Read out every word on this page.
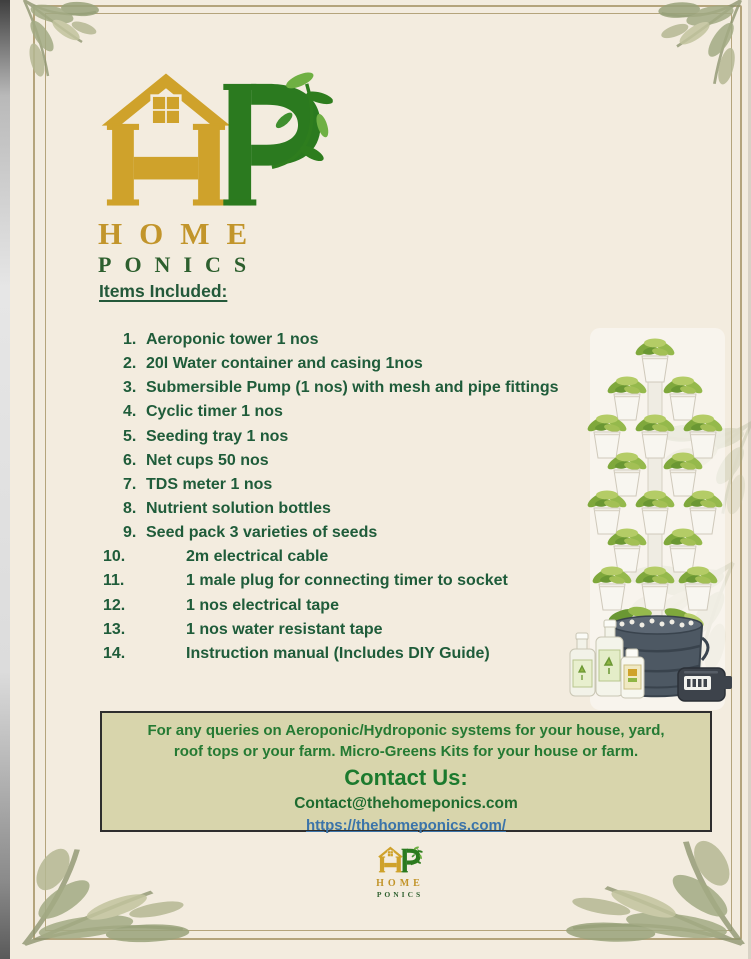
HOME
PONICS
Items Included:
1. Aeroponic tower 1 nos
2. 20l Water container and casing 1nos
3. Submersible Pump (1 nos) with mesh and pipe fittings
4. Cyclic timer 1 nos
5. Seeding tray 1 nos
6. Net cups 50 nos
7. TDS meter 1 nos
8. Nutrient solution bottles
9. Seed pack 3 varieties of seeds
10.	2m electrical cable
11.	1 male plug for connecting timer to socket
12.	1 nos electrical tape
13.	1 nos water resistant tape
14.	Instruction manual (Includes DIY Guide)
For any queries on Aeroponic/Hydroponic systems for your house, yard,
roof tops or your farm. Micro-Greens Kits for your house or farm.
Contact Us:
Contact@thehomeponics.com
https://thehomeponics.com/
HOME
PONICS
